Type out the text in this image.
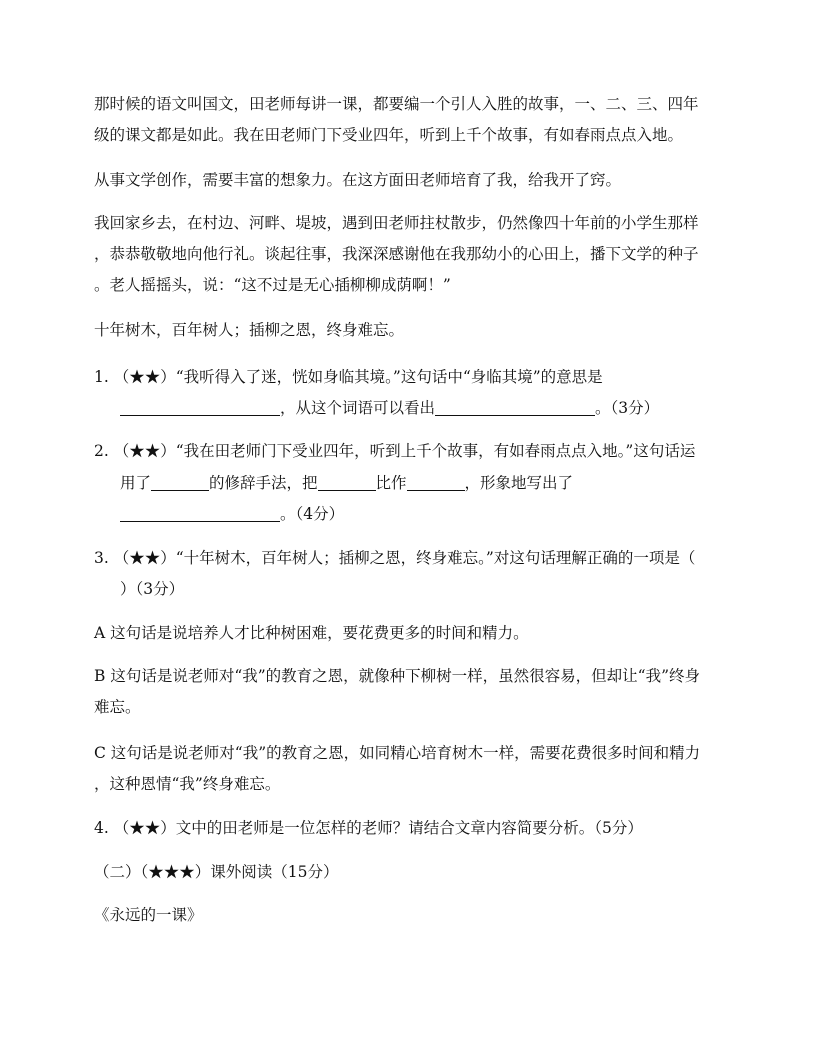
那时候的语文叫国文，田老师每讲一课，都要编一个引人入胜的故事，一、二、三、四年
级的课文都是如此。我在田老师门下受业四年，听到上千个故事，有如春雨点点入地。

从事文学创作，需要丰富的想象力。在这方面田老师培育了我，给我开了窍。

我回家乡去，在村边、河畔、堤坡，遇到田老师拄杖散步，仍然像四十年前的小学生那样
，恭恭敬敬地向他行礼。谈起往事，我深深感谢他在我那幼小的心田上，播下文学的种子
。老人摇摇头，说：“这不过是无心插柳柳成荫啊！”

十年树木，百年树人；插柳之恩，终身难忘。

1. （★★）“我听得入了迷，恍如身临其境。”这句话中“身临其境”的意思是

，从这个词语可以看出	。（3分）

2. （★★）“我在田老师门下受业四年，听到上千个故事，有如春雨点点入地。”这句话运

用了	的修辞手法，把	比作	，形象地写出了

。（4分）

3. （★★）“十年树木，百年树人；插柳之恩，终身难忘。”对这句话理解正确的一项是（

）（3分）

A 这句话是说培养人才比种树困难，要花费更多的时间和精力。

B 这句话是说老师对“我”的教育之恩，就像种下柳树一样，虽然很容易，但却让“我”终身
难忘。

C 这句话是说老师对“我”的教育之恩，如同精心培育树木一样，需要花费很多时间和精力
，这种恩情“我”终身难忘。

4. （★★）文中的田老师是一位怎样的老师？请结合文章内容简要分析。（5分）

（二）（★★★）课外阅读（15分）

《永远的一课》
